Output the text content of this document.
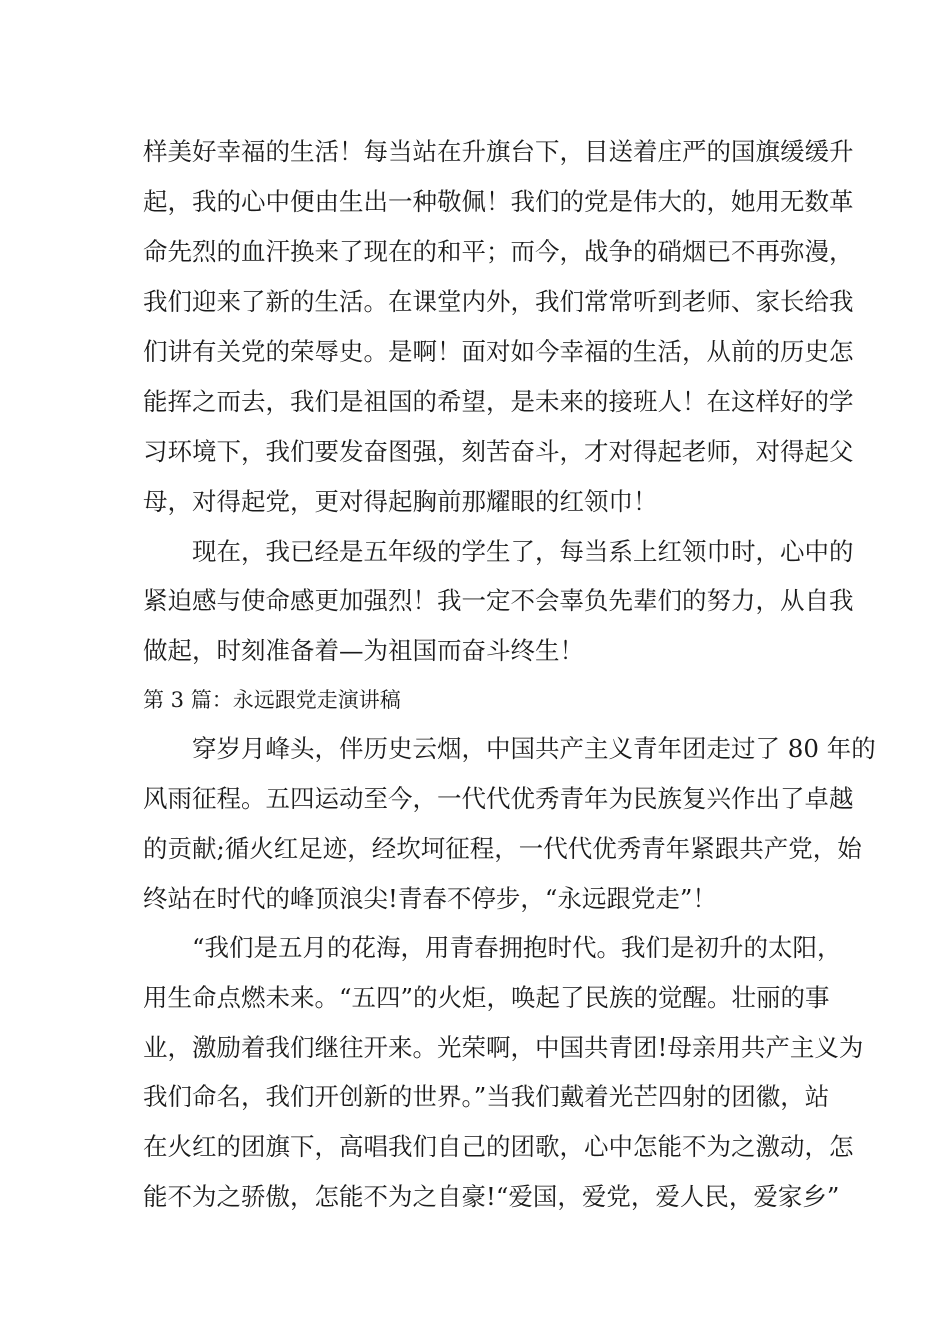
样美好幸福的生活！每当站在升旗台下，目送着庄严的国旗缓缓升
起，我的心中便由生出一种敬佩！我们的党是伟大的，她用无数革
命先烈的血汗换来了现在的和平；而今，战争的硝烟已不再弥漫，
我们迎来了新的生活。在课堂内外，我们常常听到老师、家长给我
们讲有关党的荣辱史。是啊！面对如今幸福的生活，从前的历史怎
能挥之而去，我们是祖国的希望，是未来的接班人！在这样好的学
习环境下，我们要发奋图强，刻苦奋斗，才对得起老师，对得起父
母，对得起党，更对得起胸前那耀眼的红领巾！
　　现在，我已经是五年级的学生了，每当系上红领巾时，心中的
紧迫感与使命感更加强烈！我一定不会辜负先辈们的努力，从自我
做起，时刻准备着—为祖国而奋斗终生！
第 3 篇：永远跟党走演讲稿
　　穿岁月峰头，伴历史云烟，中国共产主义青年团走过了 80 年的
风雨征程。五四运动至今，一代代优秀青年为民族复兴作出了卓越
的贡献;循火红足迹，经坎坷征程，一代代优秀青年紧跟共产党，始
终站在时代的峰顶浪尖!青春不停步，“永远跟党走”！
　　“我们是五月的花海，用青春拥抱时代。我们是初升的太阳，
用生命点燃未来。“五四”的火炬，唤起了民族的觉醒。壮丽的事
业，激励着我们继往开来。光荣啊，中国共青团!母亲用共产主义为
我们命名，我们开创新的世界。”当我们戴着光芒四射的团徽，站
在火红的团旗下，高唱我们自己的团歌，心中怎能不为之激动，怎
能不为之骄傲，怎能不为之自豪!“爱国，爱党，爱人民，爱家乡”
